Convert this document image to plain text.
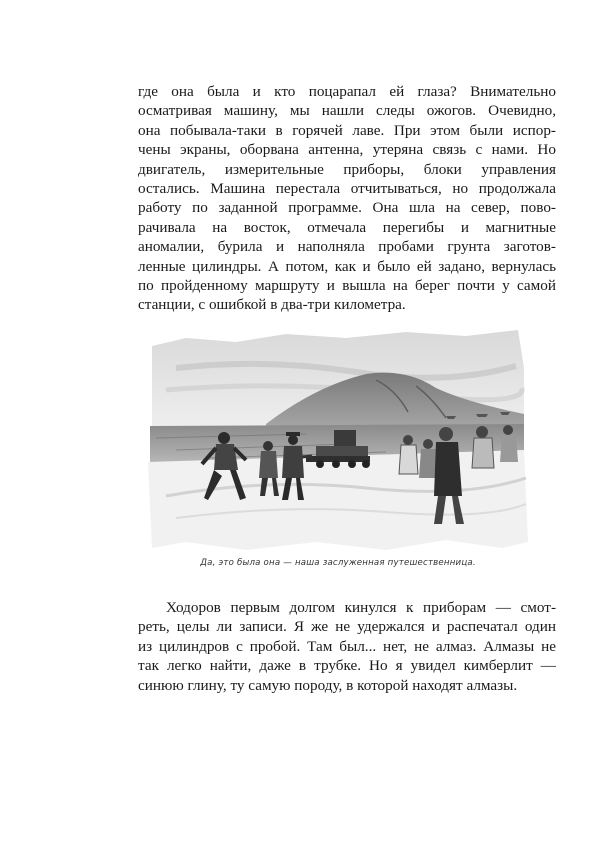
где она была и кто поцарапал ей глаза? Внимательно
осматривая машину, мы нашли следы ожогов. Очевидно,
она побывала-таки в горячей лаве. При этом были испор-
чены экраны, оборвана антенна, утеряна связь с нами. Но
двигатель, измерительные приборы, блоки управления
остались. Машина перестала отчитываться, но продолжала
работу по заданной программе. Она шла на север, пово-
рачивала на восток, отмечала перегибы и магнитные
аномалии, бурила и наполняла пробами грунта заготов-
ленные цилиндры. А потом, как и было ей задано, вернулась
по пройденному маршруту и вышла на берег почти у самой
станции, с ошибкой в два-три километра.
Да, это была она — наша заслуженная путешественница.
Ходоров первым долгом кинулся к приборам — смот-
реть, целы ли записи. Я же не удержался и распечатал один
из цилиндров с пробой. Там был... нет, не алмаз. Алмазы не
так легко найти, даже в трубке. Но я увидел кимберлит —
синюю глину, ту самую породу, в которой находят алмазы.
